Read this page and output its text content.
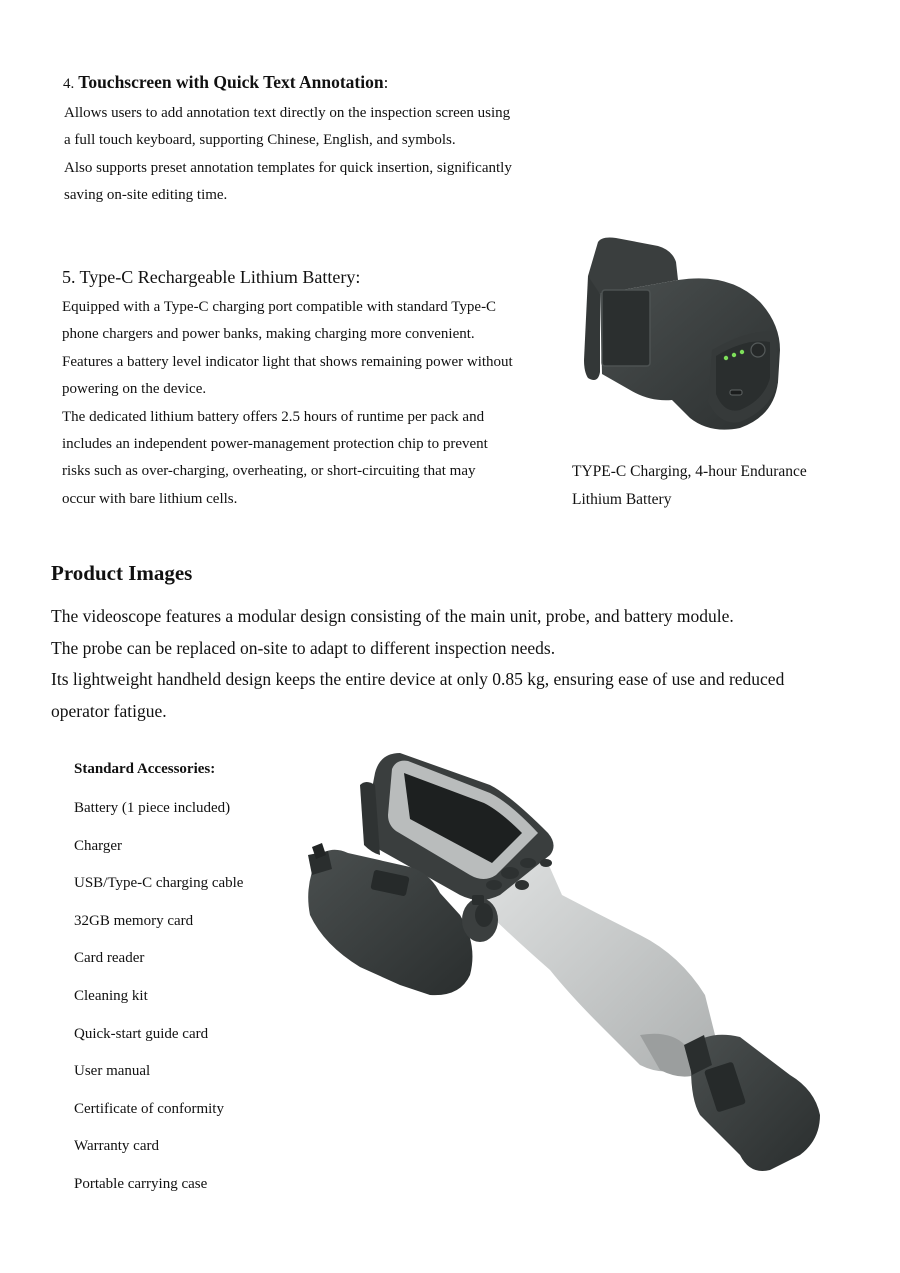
4. Touchscreen with Quick Text Annotation:
Allows users to add annotation text directly on the inspection screen using
a full touch keyboard, supporting Chinese, English, and symbols.
Also supports preset annotation templates for quick insertion, significantly
saving on-site editing time.
5. Type-C Rechargeable Lithium Battery:
Equipped with a Type-C charging port compatible with standard Type-C
phone chargers and power banks, making charging more convenient.
Features a battery level indicator light that shows remaining power without
powering on the device.
The dedicated lithium battery offers 2.5 hours of runtime per pack and
includes an independent power-management protection chip to prevent
risks such as over-charging, overheating, or short-circuiting that may
occur with bare lithium cells.
TYPE-C Charging, 4-hour Endurance
Lithium Battery
Product Images
The videoscope features a modular design consisting of the main unit, probe, and battery module.
The probe can be replaced on-site to adapt to different inspection needs.
Its lightweight handheld design keeps the entire device at only 0.85 kg, ensuring ease of use and reduced
operator fatigue.
Standard Accessories:
Battery (1 piece included)
Charger
USB/Type-C charging cable
32GB memory card
Card reader
Cleaning kit
Quick-start guide card
User manual
Certificate of conformity
Warranty card
Portable carrying case
